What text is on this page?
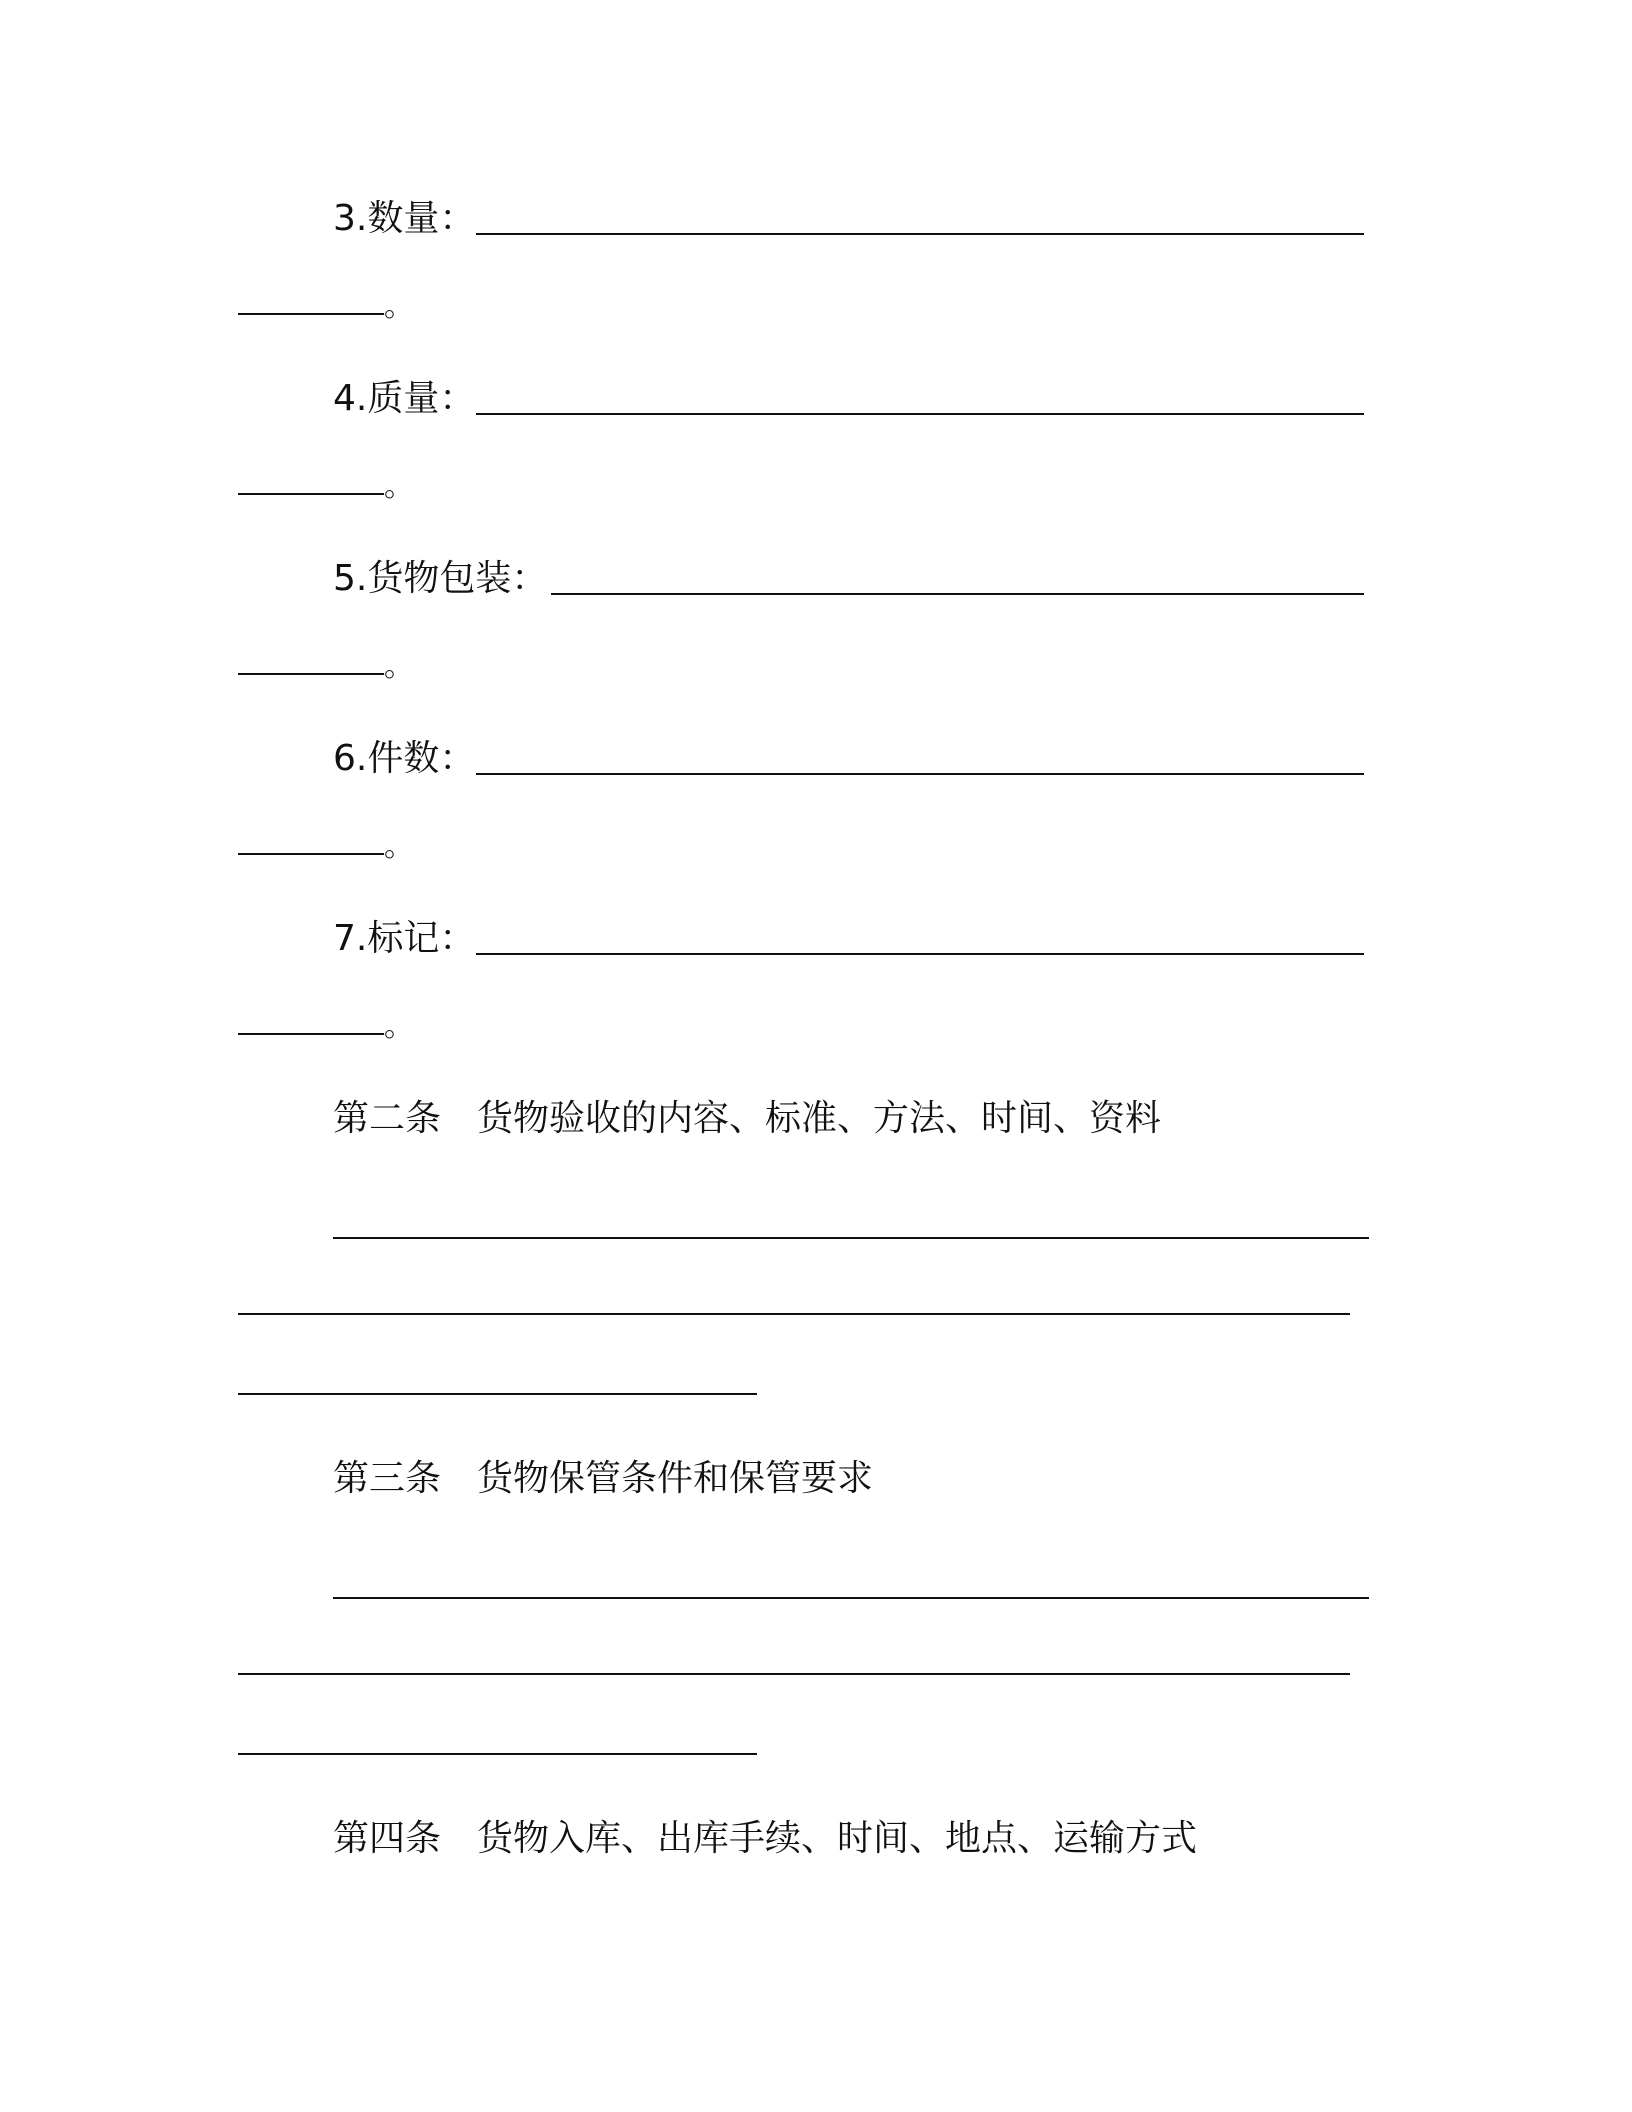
3.数量：
。
4.质量：
。
5.货物包装：
。
6.件数：
。
7.标记：
。
第二条　货物验收的内容、标准、方法、时间、资料
第三条　货物保管条件和保管要求
第四条　货物入库、出库手续、时间、地点、运输方式
